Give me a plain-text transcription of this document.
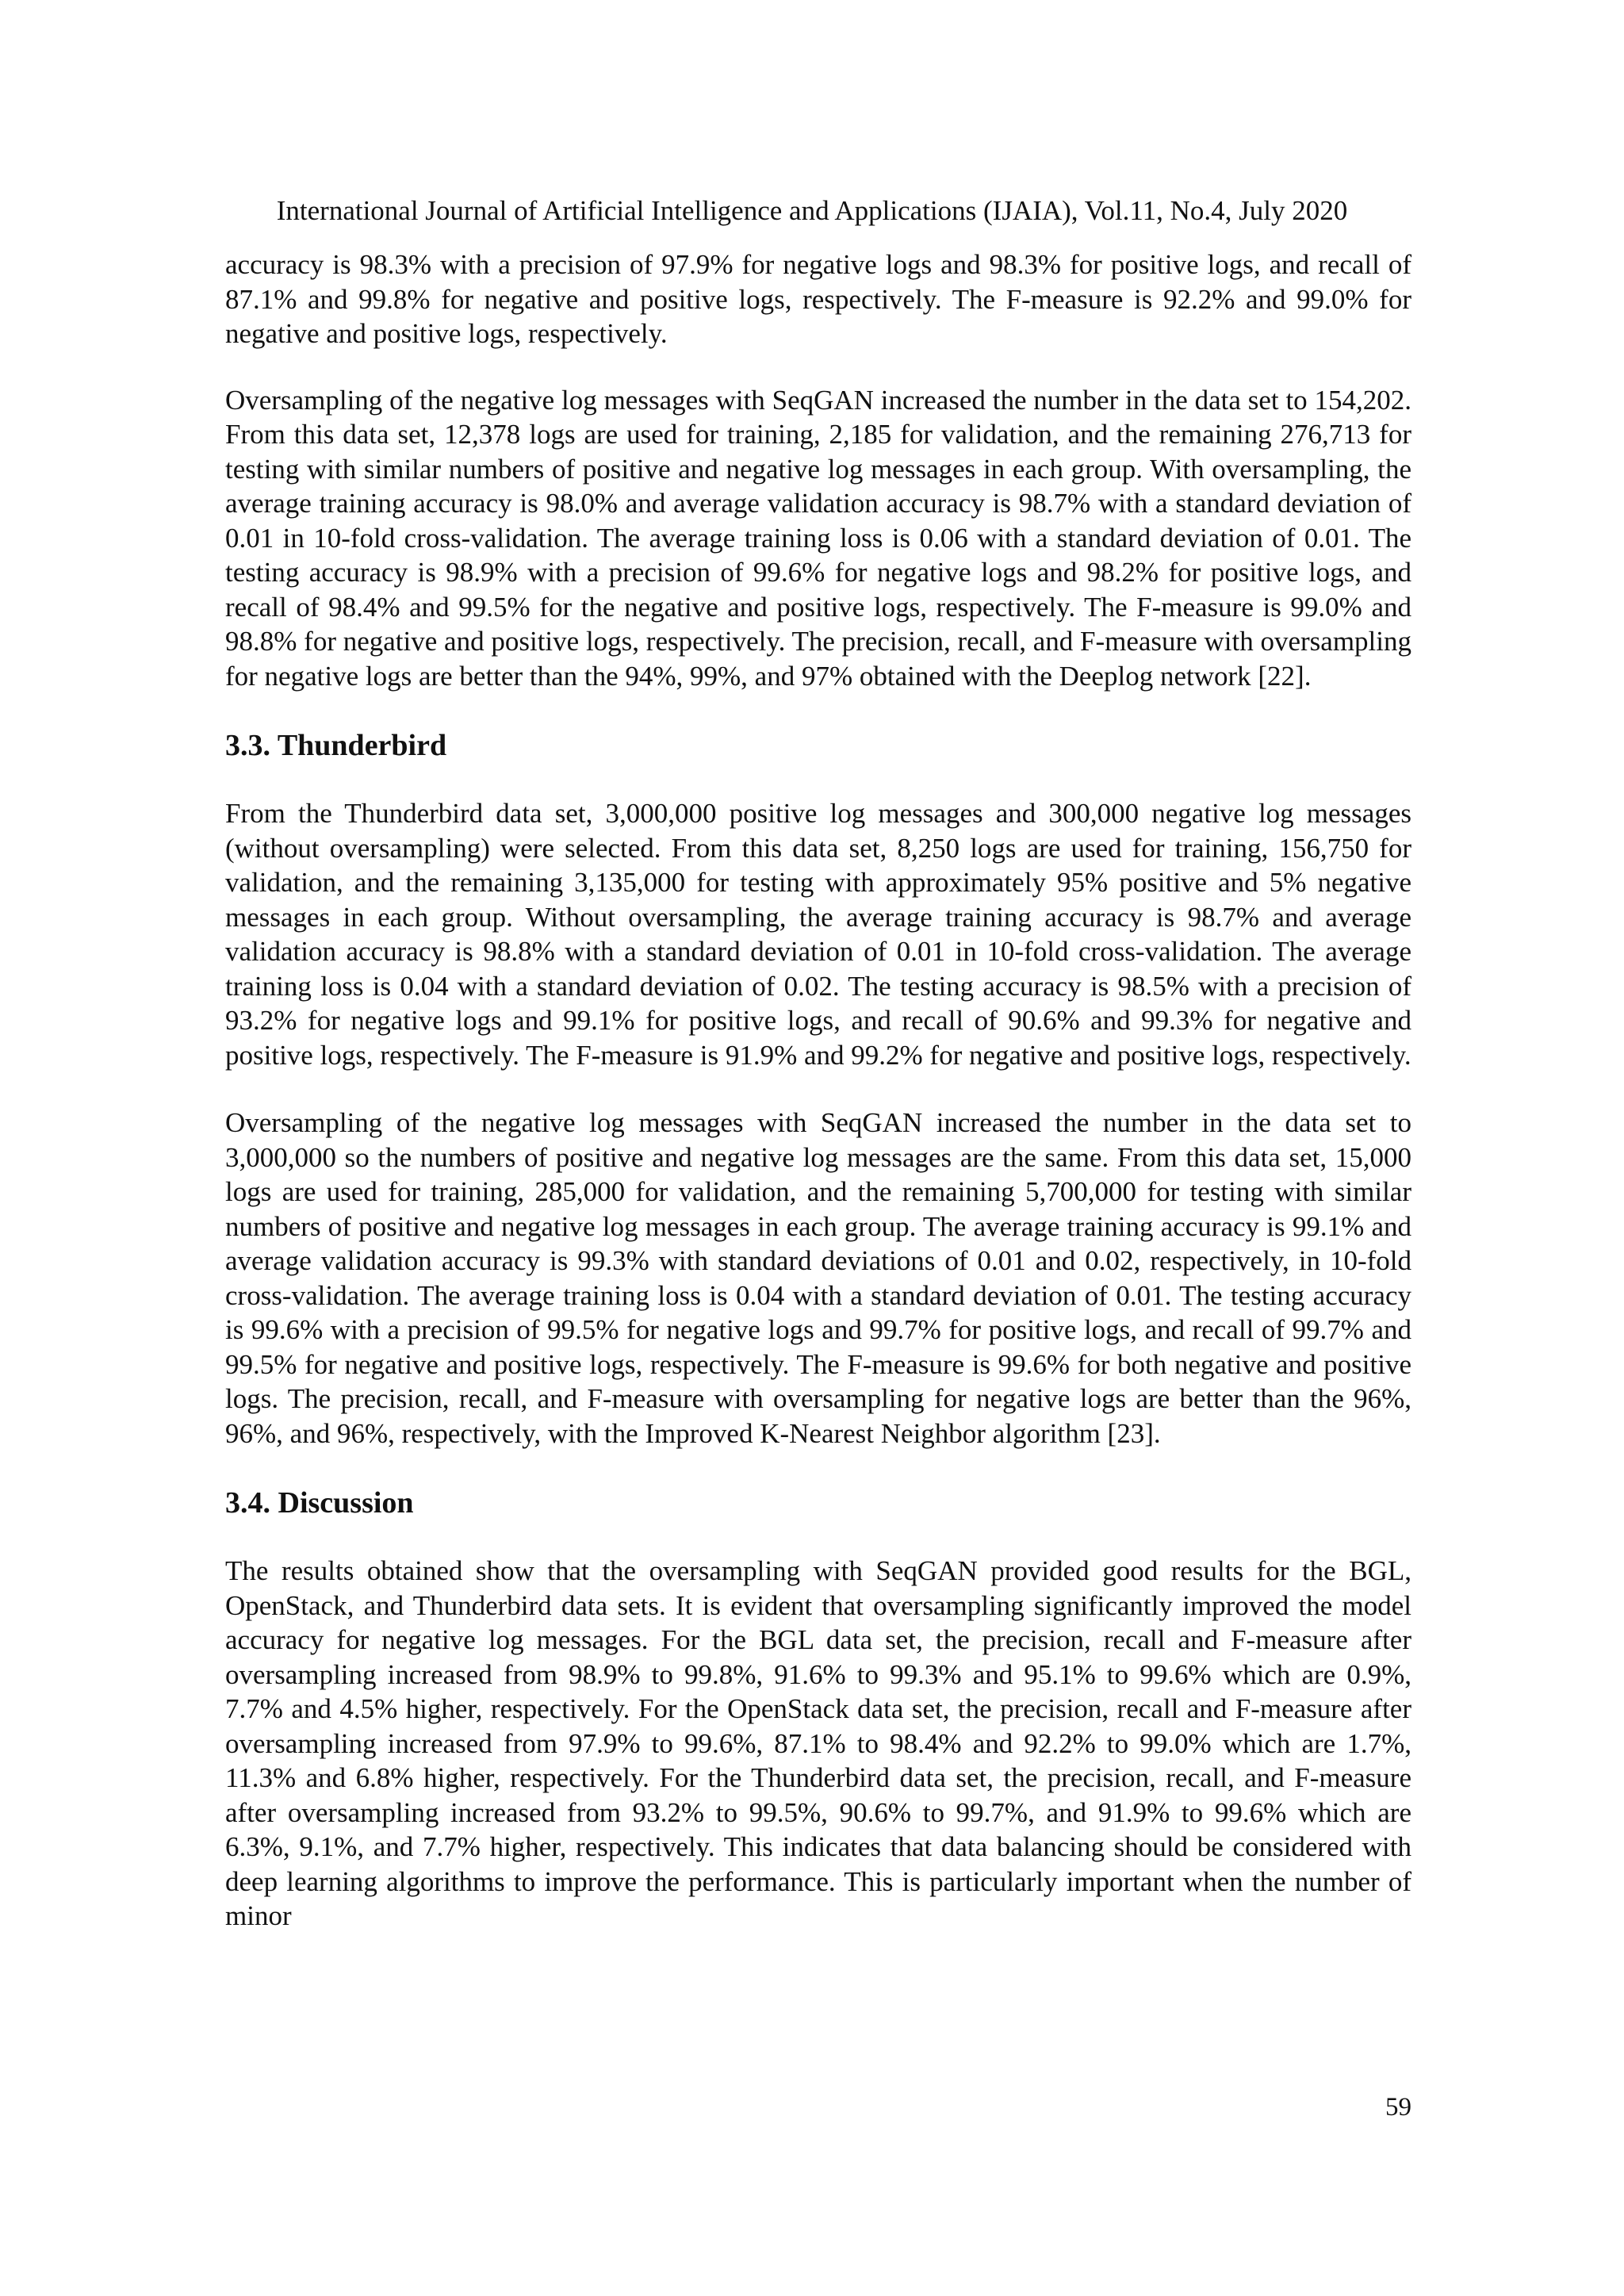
International Journal of Artificial Intelligence and Applications (IJAIA), Vol.11, No.4, July 2020

accuracy is 98.3% with a precision of 97.9% for negative logs and 98.3% for positive logs, and recall of 87.1% and 99.8% for negative and positive logs, respectively. The F-measure is 92.2% and 99.0% for negative and positive logs, respectively.

Oversampling of the negative log messages with SeqGAN increased the number in the data set to 154,202. From this data set, 12,378 logs are used for training, 2,185 for validation, and the remaining 276,713 for testing with similar numbers of positive and negative log messages in each group. With oversampling, the average training accuracy is 98.0% and average validation accuracy is 98.7% with a standard deviation of 0.01 in 10-fold cross-validation. The average training loss is 0.06 with a standard deviation of 0.01. The testing accuracy is 98.9% with a precision of 99.6% for negative logs and 98.2% for positive logs, and recall of 98.4% and 99.5% for the negative and positive logs, respectively. The F-measure is 99.0% and 98.8% for negative and positive logs, respectively. The precision, recall, and F-measure with oversampling for negative logs are better than the 94%, 99%, and 97% obtained with the Deeplog network [22].

3.3. Thunderbird

From the Thunderbird data set, 3,000,000 positive log messages and 300,000 negative log messages (without oversampling) were selected. From this data set, 8,250 logs are used for training, 156,750 for validation, and the remaining 3,135,000 for testing with approximately 95% positive and 5% negative messages in each group. Without oversampling, the average training accuracy is 98.7% and average validation accuracy is 98.8% with a standard deviation of 0.01 in 10-fold cross-validation. The average training loss is 0.04 with a standard deviation of 0.02. The testing accuracy is 98.5% with a precision of 93.2% for negative logs and 99.1% for positive logs, and recall of 90.6% and 99.3% for negative and positive logs, respectively. The F-measure is 91.9% and 99.2% for negative and positive logs, respectively.

Oversampling of the negative log messages with SeqGAN increased the number in the data set to 3,000,000 so the numbers of positive and negative log messages are the same. From this data set, 15,000 logs are used for training, 285,000 for validation, and the remaining 5,700,000 for testing with similar numbers of positive and negative log messages in each group. The average training accuracy is 99.1% and average validation accuracy is 99.3% with standard deviations of 0.01 and 0.02, respectively, in 10-fold cross-validation. The average training loss is 0.04 with a standard deviation of 0.01. The testing accuracy is 99.6% with a precision of 99.5% for negative logs and 99.7% for positive logs, and recall of 99.7% and 99.5% for negative and positive logs, respectively. The F-measure is 99.6% for both negative and positive logs. The precision, recall, and F-measure with oversampling for negative logs are better than the 96%, 96%, and 96%, respectively, with the Improved K-Nearest Neighbor algorithm [23].

3.4. Discussion

The results obtained show that the oversampling with SeqGAN provided good results for the BGL, OpenStack, and Thunderbird data sets. It is evident that oversampling significantly improved the model accuracy for negative log messages. For the BGL data set, the precision, recall and F-measure after oversampling increased from 98.9% to 99.8%, 91.6% to 99.3% and 95.1% to 99.6% which are 0.9%, 7.7% and 4.5% higher, respectively. For the OpenStack data set, the precision, recall and F-measure after oversampling increased from 97.9% to 99.6%, 87.1% to 98.4% and 92.2% to 99.0% which are 1.7%, 11.3% and 6.8% higher, respectively. For the Thunderbird data set, the precision, recall, and F-measure after oversampling increased from 93.2% to 99.5%, 90.6% to 99.7%, and 91.9% to 99.6% which are 6.3%, 9.1%, and 7.7% higher, respectively. This indicates that data balancing should be considered with deep learning algorithms to improve the performance. This is particularly important when the number of minor

59
